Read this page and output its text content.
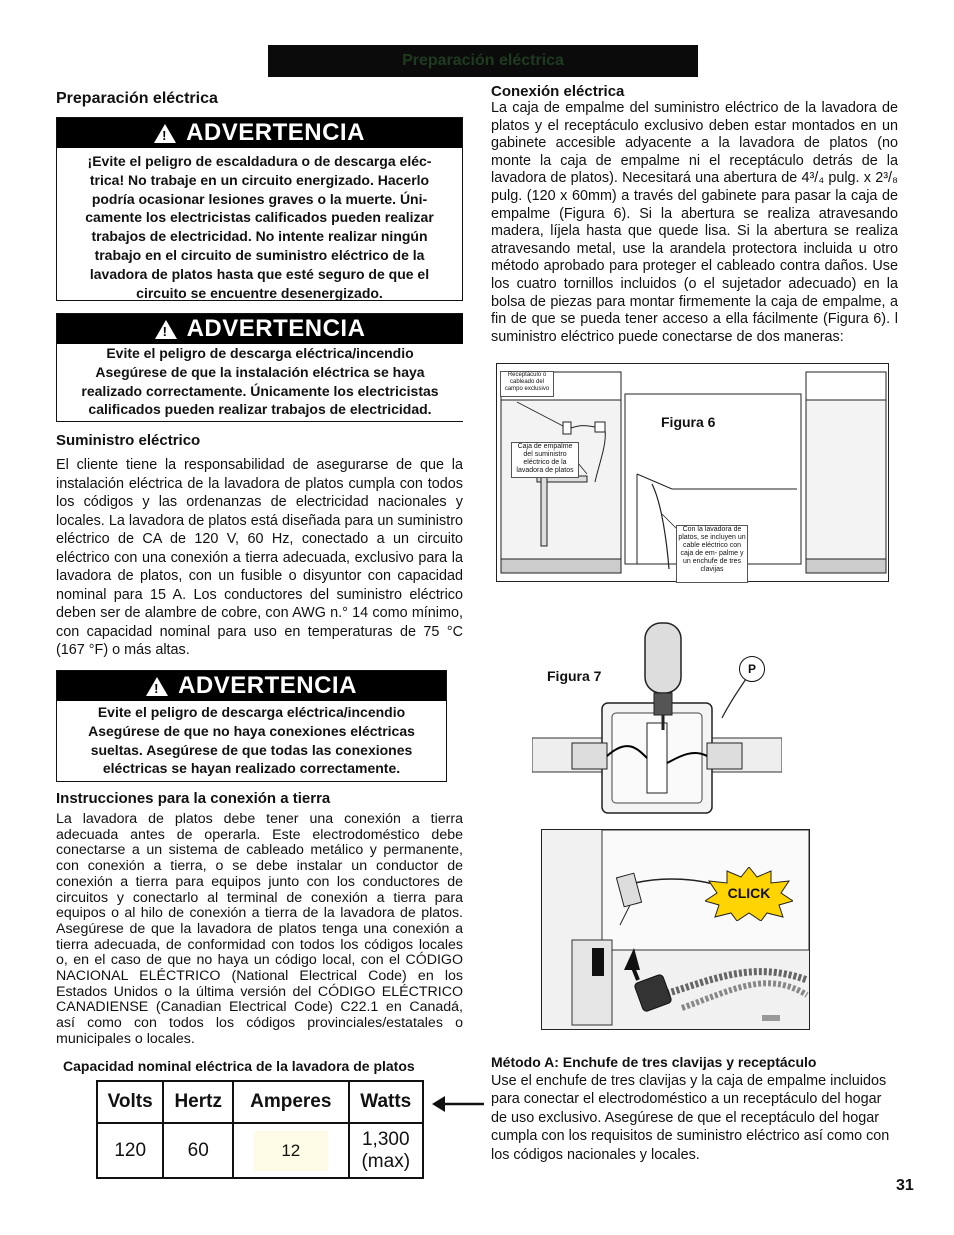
Preparación eléctrica
Preparación eléctrica
! ADVERTENCIA
¡Evite el peligro de escaldadura o de descarga eléc-
trica! No trabaje en un circuito energizado. Hacerlo
podría ocasionar lesiones graves o la muerte. Úni-
camente los electricistas calificados pueden realizar
trabajos de electricidad. No intente realizar ningún
trabajo en el circuito de suministro eléctrico de la
lavadora de platos hasta que esté seguro de que el
circuito se encuentre desenergizado.
! ADVERTENCIA
Evite el peligro de descarga eléctrica/incendio
Asegúrese de que la instalación eléctrica se haya
realizado correctamente. Únicamente los electricistas
calificados pueden realizar trabajos de electricidad.
Suministro eléctrico
El cliente tiene la responsabilidad de asegurarse de que la instalación eléctrica de la lavadora de platos cumpla con todos los códigos y las ordenanzas de electricidad nacionales y locales. La lavadora de platos está diseñada para un suministro eléctrico de CA de 120 V, 60 Hz, conectado a un circuito eléctrico con una conexión a tierra adecuada, exclusivo para la lavadora de platos, con un fusible o disyuntor con capacidad nominal para 15 A. Los conductores del suministro eléctrico deben ser de alambre de cobre, con AWG n.° 14 como mínimo, con capacidad nominal para uso en temperaturas de 75 °C (167 °F) o más altas.
! ADVERTENCIA
Evite el peligro de descarga eléctrica/incendio
Asegúrese de que no haya conexiones eléctricas
sueltas. Asegúrese de que todas las conexiones
eléctricas se hayan realizado correctamente.
Instrucciones para la conexión a tierra
La lavadora de platos debe tener una conexión a tierra adecuada antes de operarla. Este electrodoméstico debe conectarse a un sistema de cableado metálico y permanente, con conexión a tierra, o se debe instalar un conductor de conexión a tierra para equipos junto con los conductores de circuitos y conectarlo al terminal de conexión a tierra para equipos o al hilo de conexión a tierra de la lavadora de platos. Asegúrese de que la lavadora de platos tenga una conexión a tierra adecuada, de conformidad con todos los códigos locales o, en el caso de que no haya un código local, con el CÓDIGO NACIONAL ELÉCTRICO (National Electrical Code) en los Estados Unidos o la última versión del CÓDIGO ELÉCTRICO CANADIENSE (Canadian Electrical Code) C22.1 en Canadá, así como con todos los códigos provinciales/estatales o municipales o locales.
Capacidad nominal eléctrica de la lavadora de platos
Volts	Hertz	Amperes	Watts
120	60	12	1,300
(max)
Conexión eléctrica
La caja de empalme del suministro eléctrico de la lavadora de platos y el receptáculo exclusivo deben estar montados en un gabinete accesible adyacente a la lavadora de platos (no monte la caja de empalme ni el receptáculo detrás de la lavadora de platos). Necesitará una abertura de 4³/₄ pulg. x 2³/₈ pulg. (120 x 60mm) a través del gabinete para pasar la caja de empalme (Figura 6). Si la abertura se realiza atravesando madera, líjela hasta que quede lisa. Si la abertura se realiza atravesando metal, use la arandela protectora incluida u otro método aprobado para proteger el cableado contra daños. Use los cuatro tornillos incluidos (o el sujetador adecuado) en la bolsa de piezas para montar firmemente la caja de empalme, a fin de que se pueda tener acceso a ella fácilmente (Figura 6). l suministro eléctrico puede conectarse de dos maneras:
Receptáculo o cableado del campo exclusivo
Caja de empalme del suministro eléctrico de la lavadora de platos
Con la lavadora de platos, se incluyen un cable eléctrico con caja de em- palme y un enchufe de tres clavijas
Figura 6
Figura 7	P
CLICK
Método A: Enchufe de tres clavijas y receptáculo
Use el enchufe de tres clavijas y la caja de empalme incluidos para conectar el electrodoméstico a un receptáculo del hogar de uso exclusivo. Asegúrese de que el receptáculo del hogar cumpla con los requisitos de suministro eléctrico así como con los códigos nacionales y locales.
31
